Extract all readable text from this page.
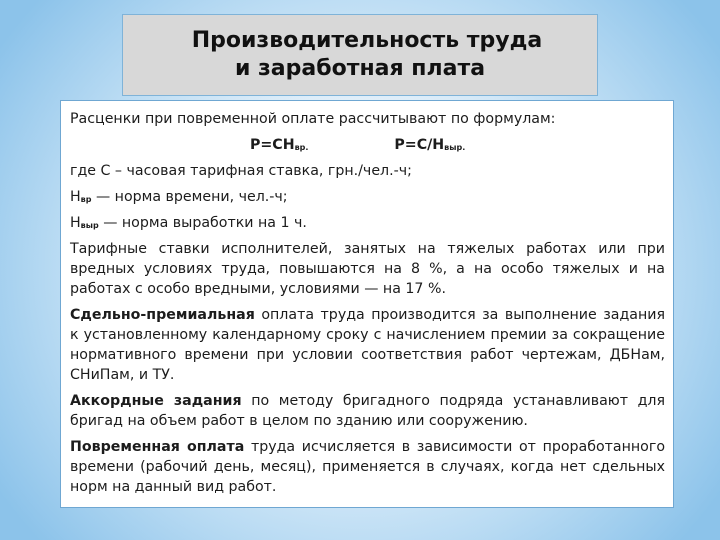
Производительность труда
и заработная плата
Расценки при повременной оплате рассчитывают по формулам:
$Р=СН_{вр.}$	$Р=С/Н_{выр.}$
где С – часовая тарифная ставка, грн./чел.-ч;
$Н_{вр}$ — норма времени, чел.-ч;
$Н_{выр}$ — норма выработки на 1 ч.
Тарифные ставки исполнителей, занятых на тяжелых работах или при вредных условиях труда, повышаются на 8 %, а на особо тяжелых и на работах с особо вредными, условиями — на 17 %.
Сдельно-премиальная оплата труда производится за выполнение задания к установленному календарному сроку с начислением премии за сокращение нормативного времени при условии соответствия работ чертежам, ДБНам, СНиПам, и ТУ.
Аккордные задания по методу бригадного подряда устанавливают для бригад на объем работ в целом по зданию или сооружению.
Повременная оплата труда исчисляется в зависимости от проработанного времени (рабочий день, месяц), применяется в случаях, когда нет сдельных норм на данный вид работ.
